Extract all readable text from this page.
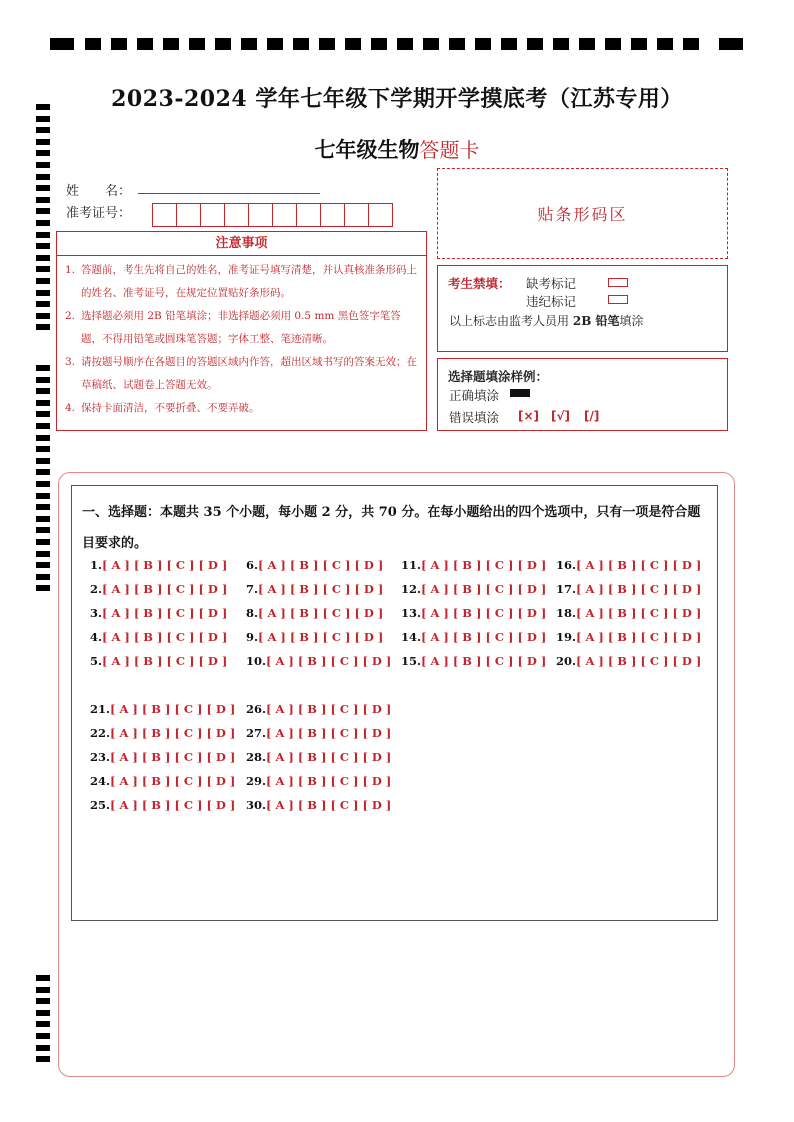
2023-2024 学年七年级下学期开学摸底考（江苏专用）
七年级生物答题卡
姓　　名：
准考证号：	贴条形码区
注意事项
1. 答题前，考生先将自己的姓名，准考证号填写清楚，并认真核准条形码上的姓名、准考证号，在规定位置贴好条形码。
2. 选择题必须用 2B 铅笔填涂；非选择题必须用 0.5 mm 黑色签字笔答题，不得用铅笔或圆珠笔答题；字体工整、笔迹清晰。
3. 请按题号顺序在各题目的答题区域内作答，超出区域书写的答案无效；在草稿纸、试题卷上答题无效。
4. 保持卡面清洁，不要折叠、不要弄破。
考生禁填： 缺考标记
违纪标记
以上标志由监考人员用 2B 铅笔填涂
选择题填涂样例：
正确填涂
错误填涂 [×] [√] [/]
一、选择题：本题共 35 个小题，每小题 2 分，共 70 分。在每小题给出的四个选项中，只有一项是符合题目要求的。
1.[ A ] [ B ] [ C ] [ D ]
2.[ A ] [ B ] [ C ] [ D ]
3.[ A ] [ B ] [ C ] [ D ]
4.[ A ] [ B ] [ C ] [ D ]
5.[ A ] [ B ] [ C ] [ D ]
6.[ A ] [ B ] [ C ] [ D ]
7.[ A ] [ B ] [ C ] [ D ]
8.[ A ] [ B ] [ C ] [ D ]
9.[ A ] [ B ] [ C ] [ D ]
10.[ A ] [ B ] [ C ] [ D ]
11.[ A ] [ B ] [ C ] [ D ]
12.[ A ] [ B ] [ C ] [ D ]
13.[ A ] [ B ] [ C ] [ D ]
14.[ A ] [ B ] [ C ] [ D ]
15.[ A ] [ B ] [ C ] [ D ]
16.[ A ] [ B ] [ C ] [ D ]
17.[ A ] [ B ] [ C ] [ D ]
18.[ A ] [ B ] [ C ] [ D ]
19.[ A ] [ B ] [ C ] [ D ]
20.[ A ] [ B ] [ C ] [ D ]
21.[ A ] [ B ] [ C ] [ D ]
22.[ A ] [ B ] [ C ] [ D ]
23.[ A ] [ B ] [ C ] [ D ]
24.[ A ] [ B ] [ C ] [ D ]
25.[ A ] [ B ] [ C ] [ D ]
26.[ A ] [ B ] [ C ] [ D ]
27.[ A ] [ B ] [ C ] [ D ]
28.[ A ] [ B ] [ C ] [ D ]
29.[ A ] [ B ] [ C ] [ D ]
30.[ A ] [ B ] [ C ] [ D ]
